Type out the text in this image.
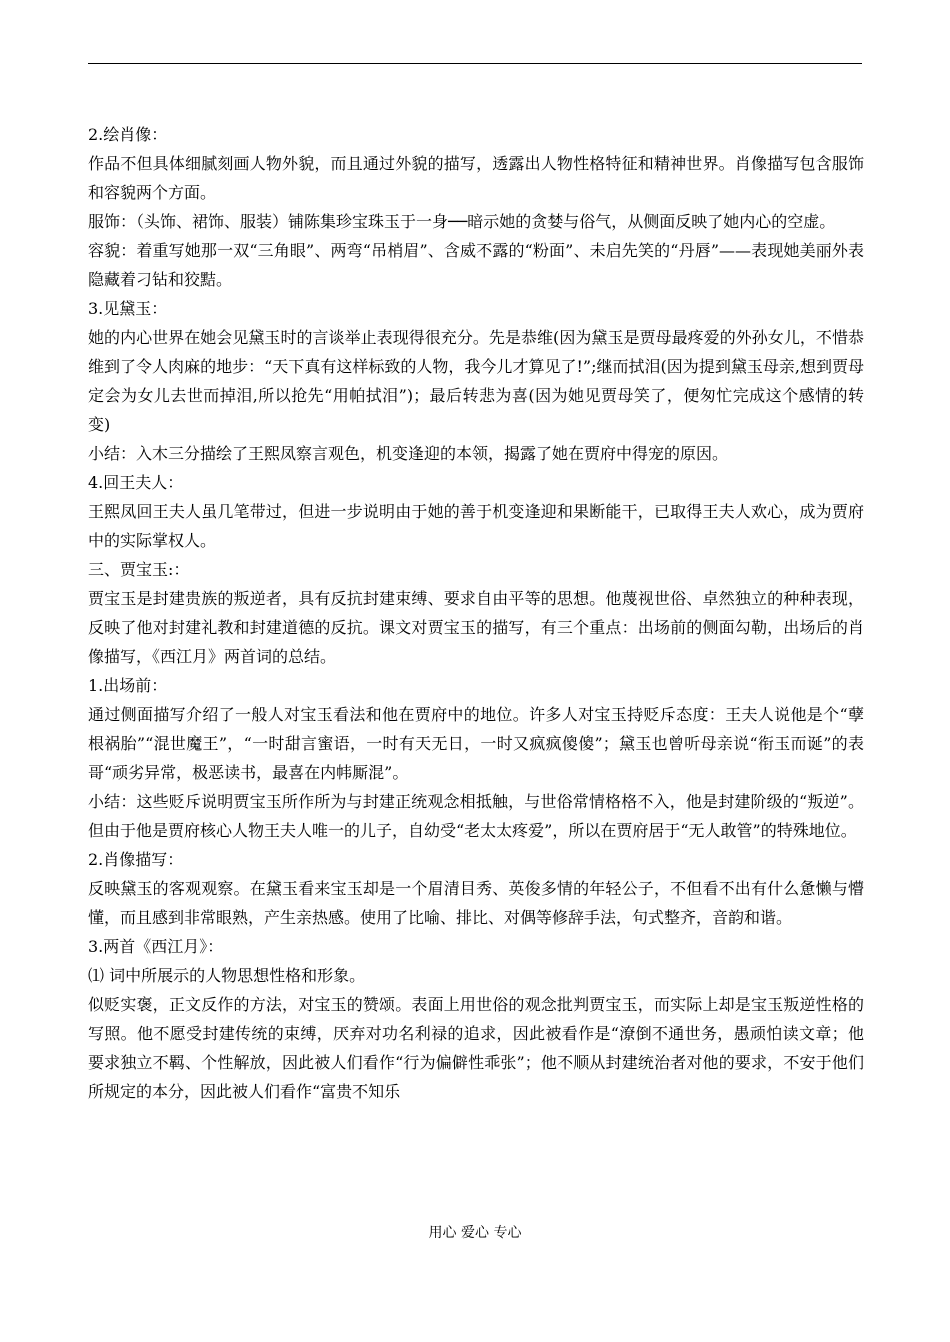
2.绘肖像：

作品不但具体细腻刻画人物外貌，而且通过外貌的描写，透露出人物性格特征和精神世界。肖像描写包含服饰和容貌两个方面。

服饰：（头饰、裙饰、服装）铺陈集珍宝珠玉于一身──暗示她的贪婪与俗气，从侧面反映了她内心的空虚。

容貌：着重写她那一双“三角眼”、两弯“吊梢眉”、含威不露的“粉面”、未启先笑的“丹唇”——表现她美丽外表隐藏着刁钻和狡黠。

3.见黛玉：

她的内心世界在她会见黛玉时的言谈举止表现得很充分。先是恭维(因为黛玉是贾母最疼爱的外孙女儿，不惜恭维到了令人肉麻的地步：“天下真有这样标致的人物，我今儿才算见了!”;继而拭泪(因为提到黛玉母亲,想到贾母定会为女儿去世而掉泪,所以抢先“用帕拭泪”)；最后转悲为喜(因为她见贾母笑了，便匆忙完成这个感情的转变)

小结：入木三分描绘了王熙凤察言观色，机变逢迎的本领，揭露了她在贾府中得宠的原因。

4.回王夫人：

王熙凤回王夫人虽几笔带过，但进一步说明由于她的善于机变逢迎和果断能干，已取得王夫人欢心，成为贾府中的实际掌权人。

三、贾宝玉:：

贾宝玉是封建贵族的叛逆者，具有反抗封建束缚、要求自由平等的思想。他蔑视世俗、卓然独立的种种表现，反映了他对封建礼教和封建道德的反抗。课文对贾宝玉的描写，有三个重点：出场前的侧面勾勒，出场后的肖像描写，《西江月》两首词的总结。

1.出场前：

通过侧面描写介绍了一般人对宝玉看法和他在贾府中的地位。许多人对宝玉持贬斥态度：王夫人说他是个“孽根祸胎”“混世魔王”，“一时甜言蜜语，一时有天无日，一时又疯疯傻傻”；黛玉也曾听母亲说“衔玉而诞”的表哥“顽劣异常，极恶读书，最喜在内帏厮混”。

小结：这些贬斥说明贾宝玉所作所为与封建正统观念相抵触，与世俗常情格格不入，他是封建阶级的“叛逆”。但由于他是贾府核心人物王夫人唯一的儿子，自幼受“老太太疼爱”，所以在贾府居于“无人敢管”的特殊地位。

2.肖像描写：

反映黛玉的客观观察。在黛玉看来宝玉却是一个眉清目秀、英俊多情的年轻公子，不但看不出有什么惫懒与懵懂，而且感到非常眼熟，产生亲热感。使用了比喻、排比、对偶等修辞手法，句式整齐，音韵和谐。

3.两首《西江月》：

⑴ 词中所展示的人物思想性格和形象。

似贬实褒，正文反作的方法，对宝玉的赞颂。表面上用世俗的观念批判贾宝玉，而实际上却是宝玉叛逆性格的写照。他不愿受封建传统的束缚，厌弃对功名利禄的追求，因此被看作是“潦倒不通世务，愚顽怕读文章；他要求独立不羁、个性解放，因此被人们看作“行为偏僻性乖张”；他不顺从封建统治者对他的要求，不安于他们所规定的本分，因此被人们看作“富贵不知乐

用心 爱心 专心
